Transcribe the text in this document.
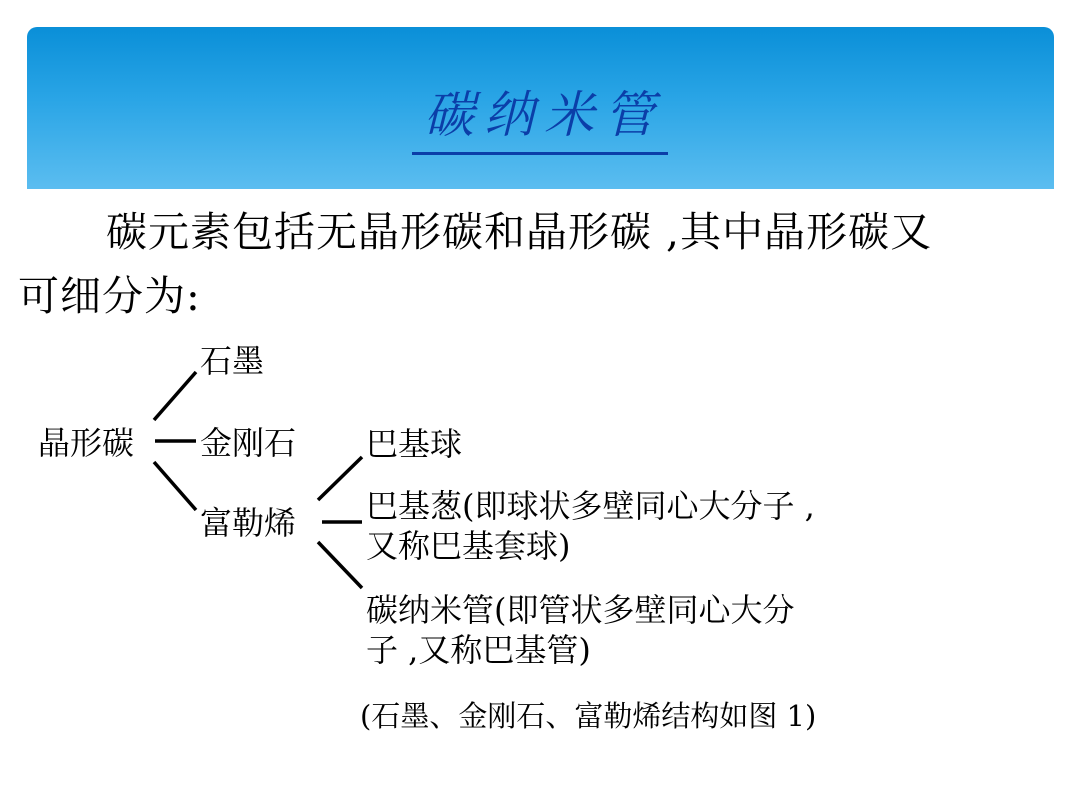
碳纳米管
碳元素包括无晶形碳和晶形碳 ,其中晶形碳又
可细分为:
晶形碳
石墨
金刚石
富勒烯
巴基球
巴基葱(即球状多壁同心大分子 ,
又称巴基套球)
碳纳米管(即管状多壁同心大分
子 ,又称巴基管)
(石墨、金刚石、富勒烯结构如图 1)
